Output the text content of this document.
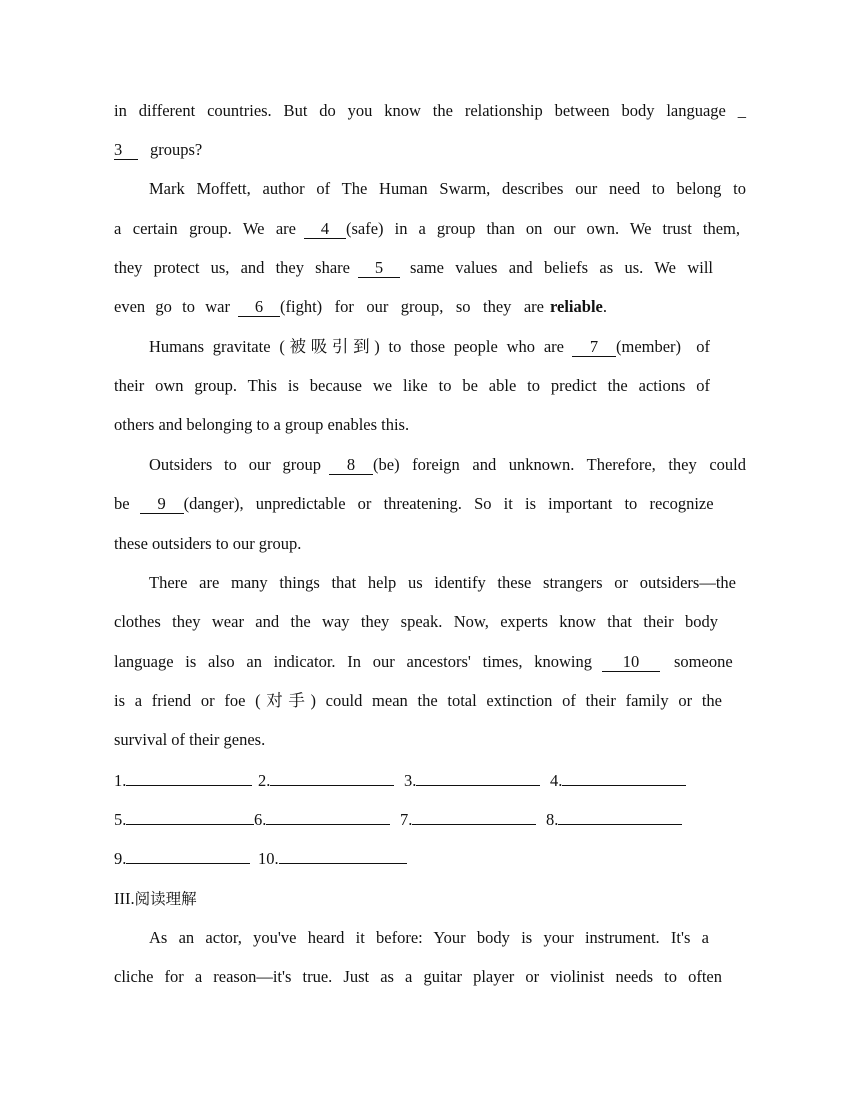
in different countries. But do you know the relationship between body language _
3	groups?
Mark Moffett, author of The Human Swarm, describes our need to belong to
a certain group. We are	4	(safe) in a group than on our own. We trust them,
they protect us, and they share	5	same values and beliefs as us. We will
even go to war	6	(fight) for our group, so they are reliable .
Humans gravitate (被吸引到) to those people who are	7	(member) of
their own group. This is because we like to be able to predict the actions of
others and belonging to a group enables this.
Outsiders to our group	8	(be) foreign and unknown. Therefore, they could
be	9	(danger), unpredictable or threatening. So it is important to recognize
these outsiders to our group.
There are many things that help us identify these strangers or outsiders—the
clothes they wear and the way they speak. Now, experts know that their body
language is also an indicator. In our ancestors' times, knowing	10	someone
is a friend or foe (对手) could mean the total extinction of their family or the
survival of their genes.
1.	2.	3.	4.
5.	6.	7.	8.
9.	10.
III.阅读理解
As an actor, you've heard it before: Your body is your instrument. It's a
cliche for a reason—it's true. Just as a guitar player or violinist needs to often
